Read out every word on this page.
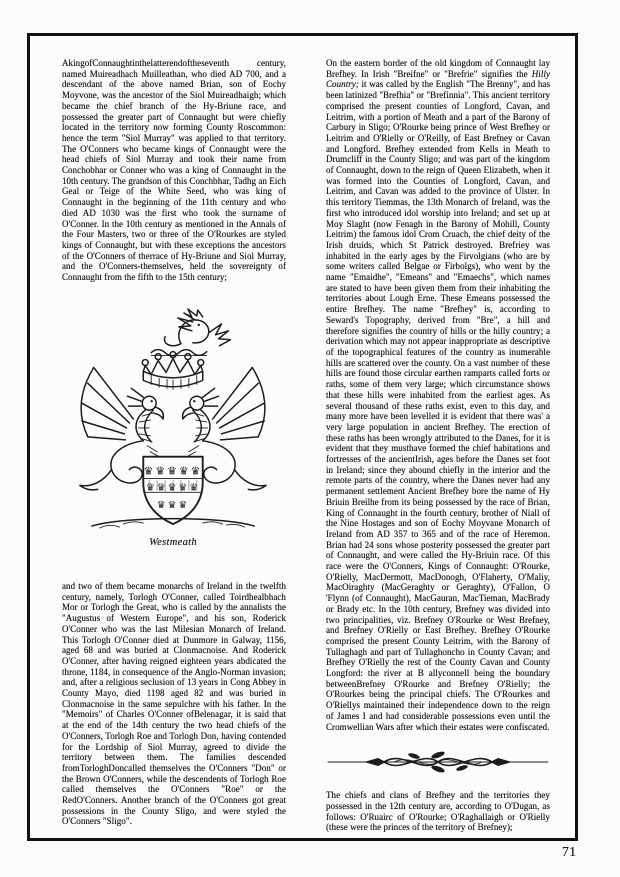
AkingofConnaughtinthelatterendoftheseventh century, named Muireadhach Muilleathan, who died AD 700, and a descendant of the above named Brian, son of Eochy Moyvone, was the ancestor of the Siol Muireadhaigh; which became the chief branch of the Hy-Briune race, and possessed the greater part of Connaught but were chiefly located in the territory now forming County Roscommon: hence the term "Siol Murray" was applied to that territory. The O'Conners who became kings of Connaught were the head chiefs of Siol Murray and took their name from Conchobhar or Conner who was a king of Connaught in the 10th century. The grandson of this Conchbhar, Tadhg an Eich Geal or Teige of the White Seed, who was king of Connaught in the beginning of the 11th century and who died AD 1030 was the first who took the surname of O'Conner. In the 10th century as mentioned in the Annals of the Four Masters, two or three of the O'Rourkes are styled kings of Connaught, but with these exceptions the ancestors of the O'Conners of therrace of Hy-Briune and Siol Murray, and the O'Conners-themselves, held the sovereignty of Connaught from the fifth to the 15th century;

♛♛♛♛♛
♛♛♛♛♛
♛♛♛
Westmeath

and two of them became monarchs of Ireland in the twelfth century, namely, Torlogh O'Conner, called Toirdhealbhach Mor or Torlogh the Great, who is called by the annalists the "Augustus of Western Europe", and his son, Roderick O'Conner who was the last Milesian Monarch of Ireland. This Torlogh O'Conner died at Dunmore in Galway, 1156, aged 68 and was buried at Clonmacnoise. And Roderick O'Conner, after having reigned eighteen years abdicated the throne, 1184, in consequence of the Anglo-Norman invasion; and, after a religious seclusion of 13 years in Cong Abbey in County Mayo, died 1198 aged 82 and was buried in Clonmacnoise in the same sepulchre with his father. In the "Memoirs" of Charles O'Conner ofBelenagar, it is said that at the end of the 14th century the two head chiefs of the O'Conners, Torlogh Roe and Torlogh Don, having contended for the Lordship of Siol Murray, agreed to divide the territory between them. The families descended fromTorloghDoncalled themselves the O'Conners "Don" or the Brown O'Conners, while the descendents of Torlogh Roe called themselves the O'Conners "Roe" or the RedO'Conners. Another branch of the O'Conners got great possessions in the County Sligo, and were styled the O'Conners "Sligo".

On the eastern border of the old kingdom of Connaught lay Brefhey. In Irish "Breifne" or "Brefrie" signifies the Hilly Country; it was called by the English "The Brenny", and has been latinized "Brefhia" or "Brefinnia". This ancient territory comprised the present counties of Longford, Cavan, and Leitrim, with a portion of Meath and a part of the Barony of Carbury in Sligo; O'Rourke being prince of West Brefhey or Leitrim and O'Rielly or O'Reilly, of East Brefney or Cavan and Longford. Brefhey extended from Kells in Meath to Drumcliff in the County Sligo; and was part of the kingdom of Connaught, down to the reign of Queen Elizabeth, when it was formed into the Counties of Longford, Cavan, and Leitrim, and Cavan was added to the province of Ulster. In this territory Tiemmas, the 13th Monarch of Ireland, was the first who introduced idol worship into Ireland; and set up at Moy Slaght (now Fenagh in the Barony of Mohill, County Leitrim) the famous idol Crom Cruach, the chief deity of the Irish druids, which St Patrick destroyed. Brefriey was inhabited in the early ages by the Firvolgians (who are by some writers called Belgae or Firbolgs), who went by the name "Emaidhe", "Emeans" and "Emaechs", which names are stated to have been given them from their inhabiting the territories about Lough Erne. These Emeans possessed the entire Brefhey. The name "Brefhey" is, according to Seward's Topography, derived from "Bre", a hill and therefore signifies the country of hills or the hilly country; a derivation which may not appear inappropriate as descriptive of the topographical features of the country as inumerable hills are scattered over the county. On a vast number of these hills are found those circular earthen ramparts called forts or raths, some of them very large; which circumstance shows that these hills were inhabited from the earliest ages. As several thousand of these raths exist, even to this day, and many more have been levelled it is evident that there was' a very large population in ancient Brefhey. The erection of these raths has been wrongly attributed to the Danes, for it is evident that they musthave formed the chief habitations and fortresses of the ancientIrish, ages before the Danes set foot in Ireland; since they abound chiefly in the interior and the remote parts of the country, where the Danes never had any permanent settlement Ancient Brefhey bore the name of Hy Briuin Breilhe from its being possessed by the race of Brian, King of Connaught in the fourth century, brother of Niall of the Nine Hostages and son of Eochy Moyvane Monarch of Ireland from AD 357 to 365 and of the race of Heremon. Brian had 24 sons whose posterity possessed the greater part of Connaught, and were called the Hy-Briuin race. Of this race were the O'Conners, Kings of Connaught: O'Rourke, O'Rielly, MacDermott, MacDonogh, O'Flaherty, O'Maliy, MacOiraghty (MacGeraghty or Geraghty), O'Fallon, O 'Flynn (of Connaught), MacGauran, MacTieman, MacBrady or Brady etc. In the 10th century, Brefney was divided into two principalities, viz. Brefney O'Rourke or West Brefney, and Brefney O'Rielly or East Brefhey. Brefhey O'Rourke comprised the present County Leitrim, with the Barony of Tullaghagh and part of Tullaghoncho in County Cavan; and Brefhey O'Rielly the rest of the County Cavan and County Longford: the river at B allyconnell being the boundary betweenBrefney O'Rourke and Brefney O'Rielly; the O'Rourkes being the principal chiefs. The O'Rourkes and O'Riellys maintained their independence down to the reign of James I and had considerable possessions even until the Cromwellian Wars after which their estates were confiscated.

The chiefs and clans of Brefhey and the territories they possessed in the 12th century are, according to O'Dugan, as follows: O'Ruairc of O'Rourke; O'Raghallaigh or O'Rielly (these were the princes of the territory of Brefney);

71
